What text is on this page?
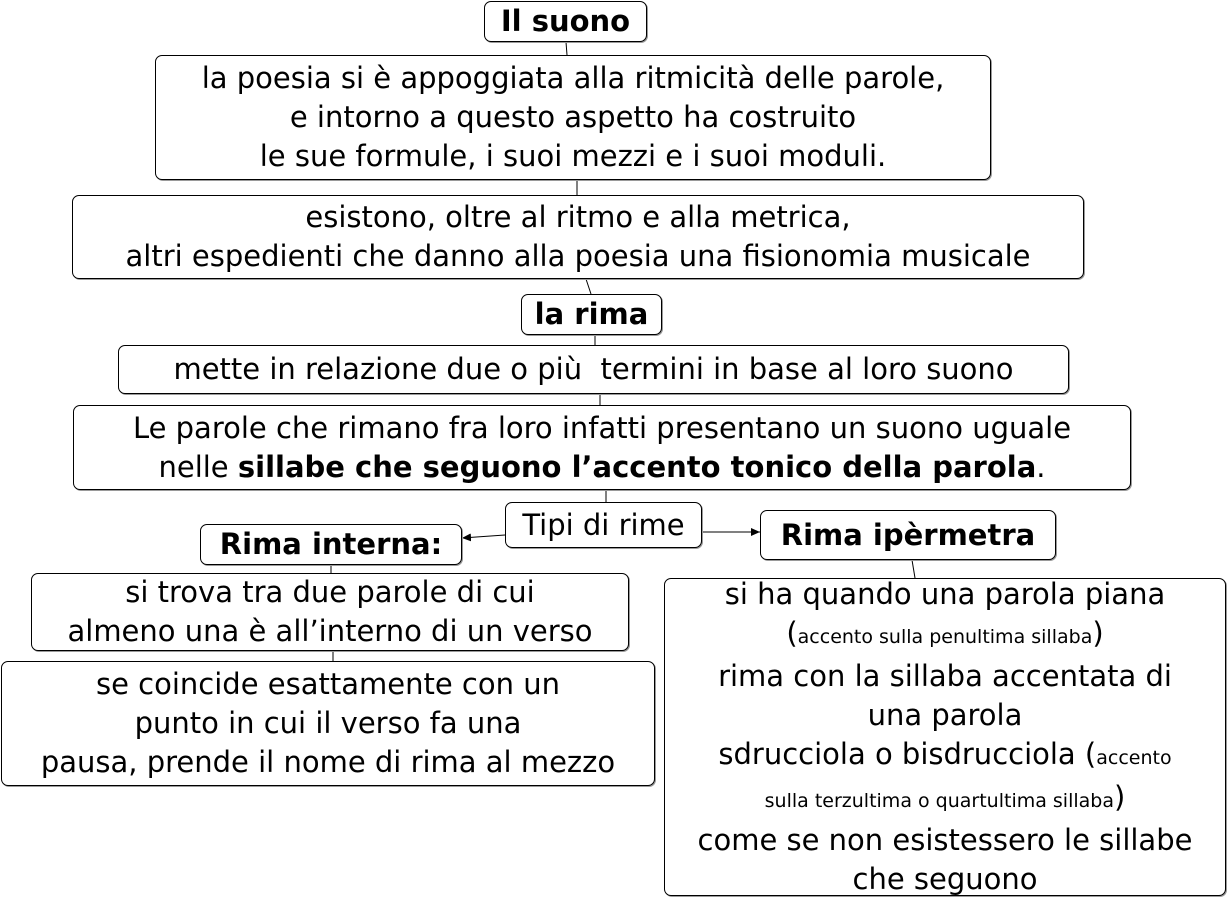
Il suono
la poesia si è appoggiata alla ritmicità delle parole,
e intorno a questo aspetto ha costruito
le sue formule, i suoi mezzi e i suoi moduli.
esistono, oltre al ritmo e alla metrica,
altri espedienti che danno alla poesia una fisionomia musicale
la rima
mette in relazione due o più  termini in base al loro suono
Le parole che rimano fra loro infatti presentano un suono uguale
nelle sillabe che seguono l’accento tonico della parola.
Tipi di rime
Rima interna:	Rima ipèrmetra
si trova tra due parole di cui
almeno una è all’interno di un verso
se coincide esattamente con un
punto in cui il verso fa una
pausa, prende il nome di rima al mezzo
si ha quando una parola piana
(accento sulla penultima sillaba)
rima con la sillaba accentata di
una parola
sdrucciola o bisdrucciola (accento
sulla terzultima o quartultima sillaba)
come se non esistessero le sillabe
che seguono
